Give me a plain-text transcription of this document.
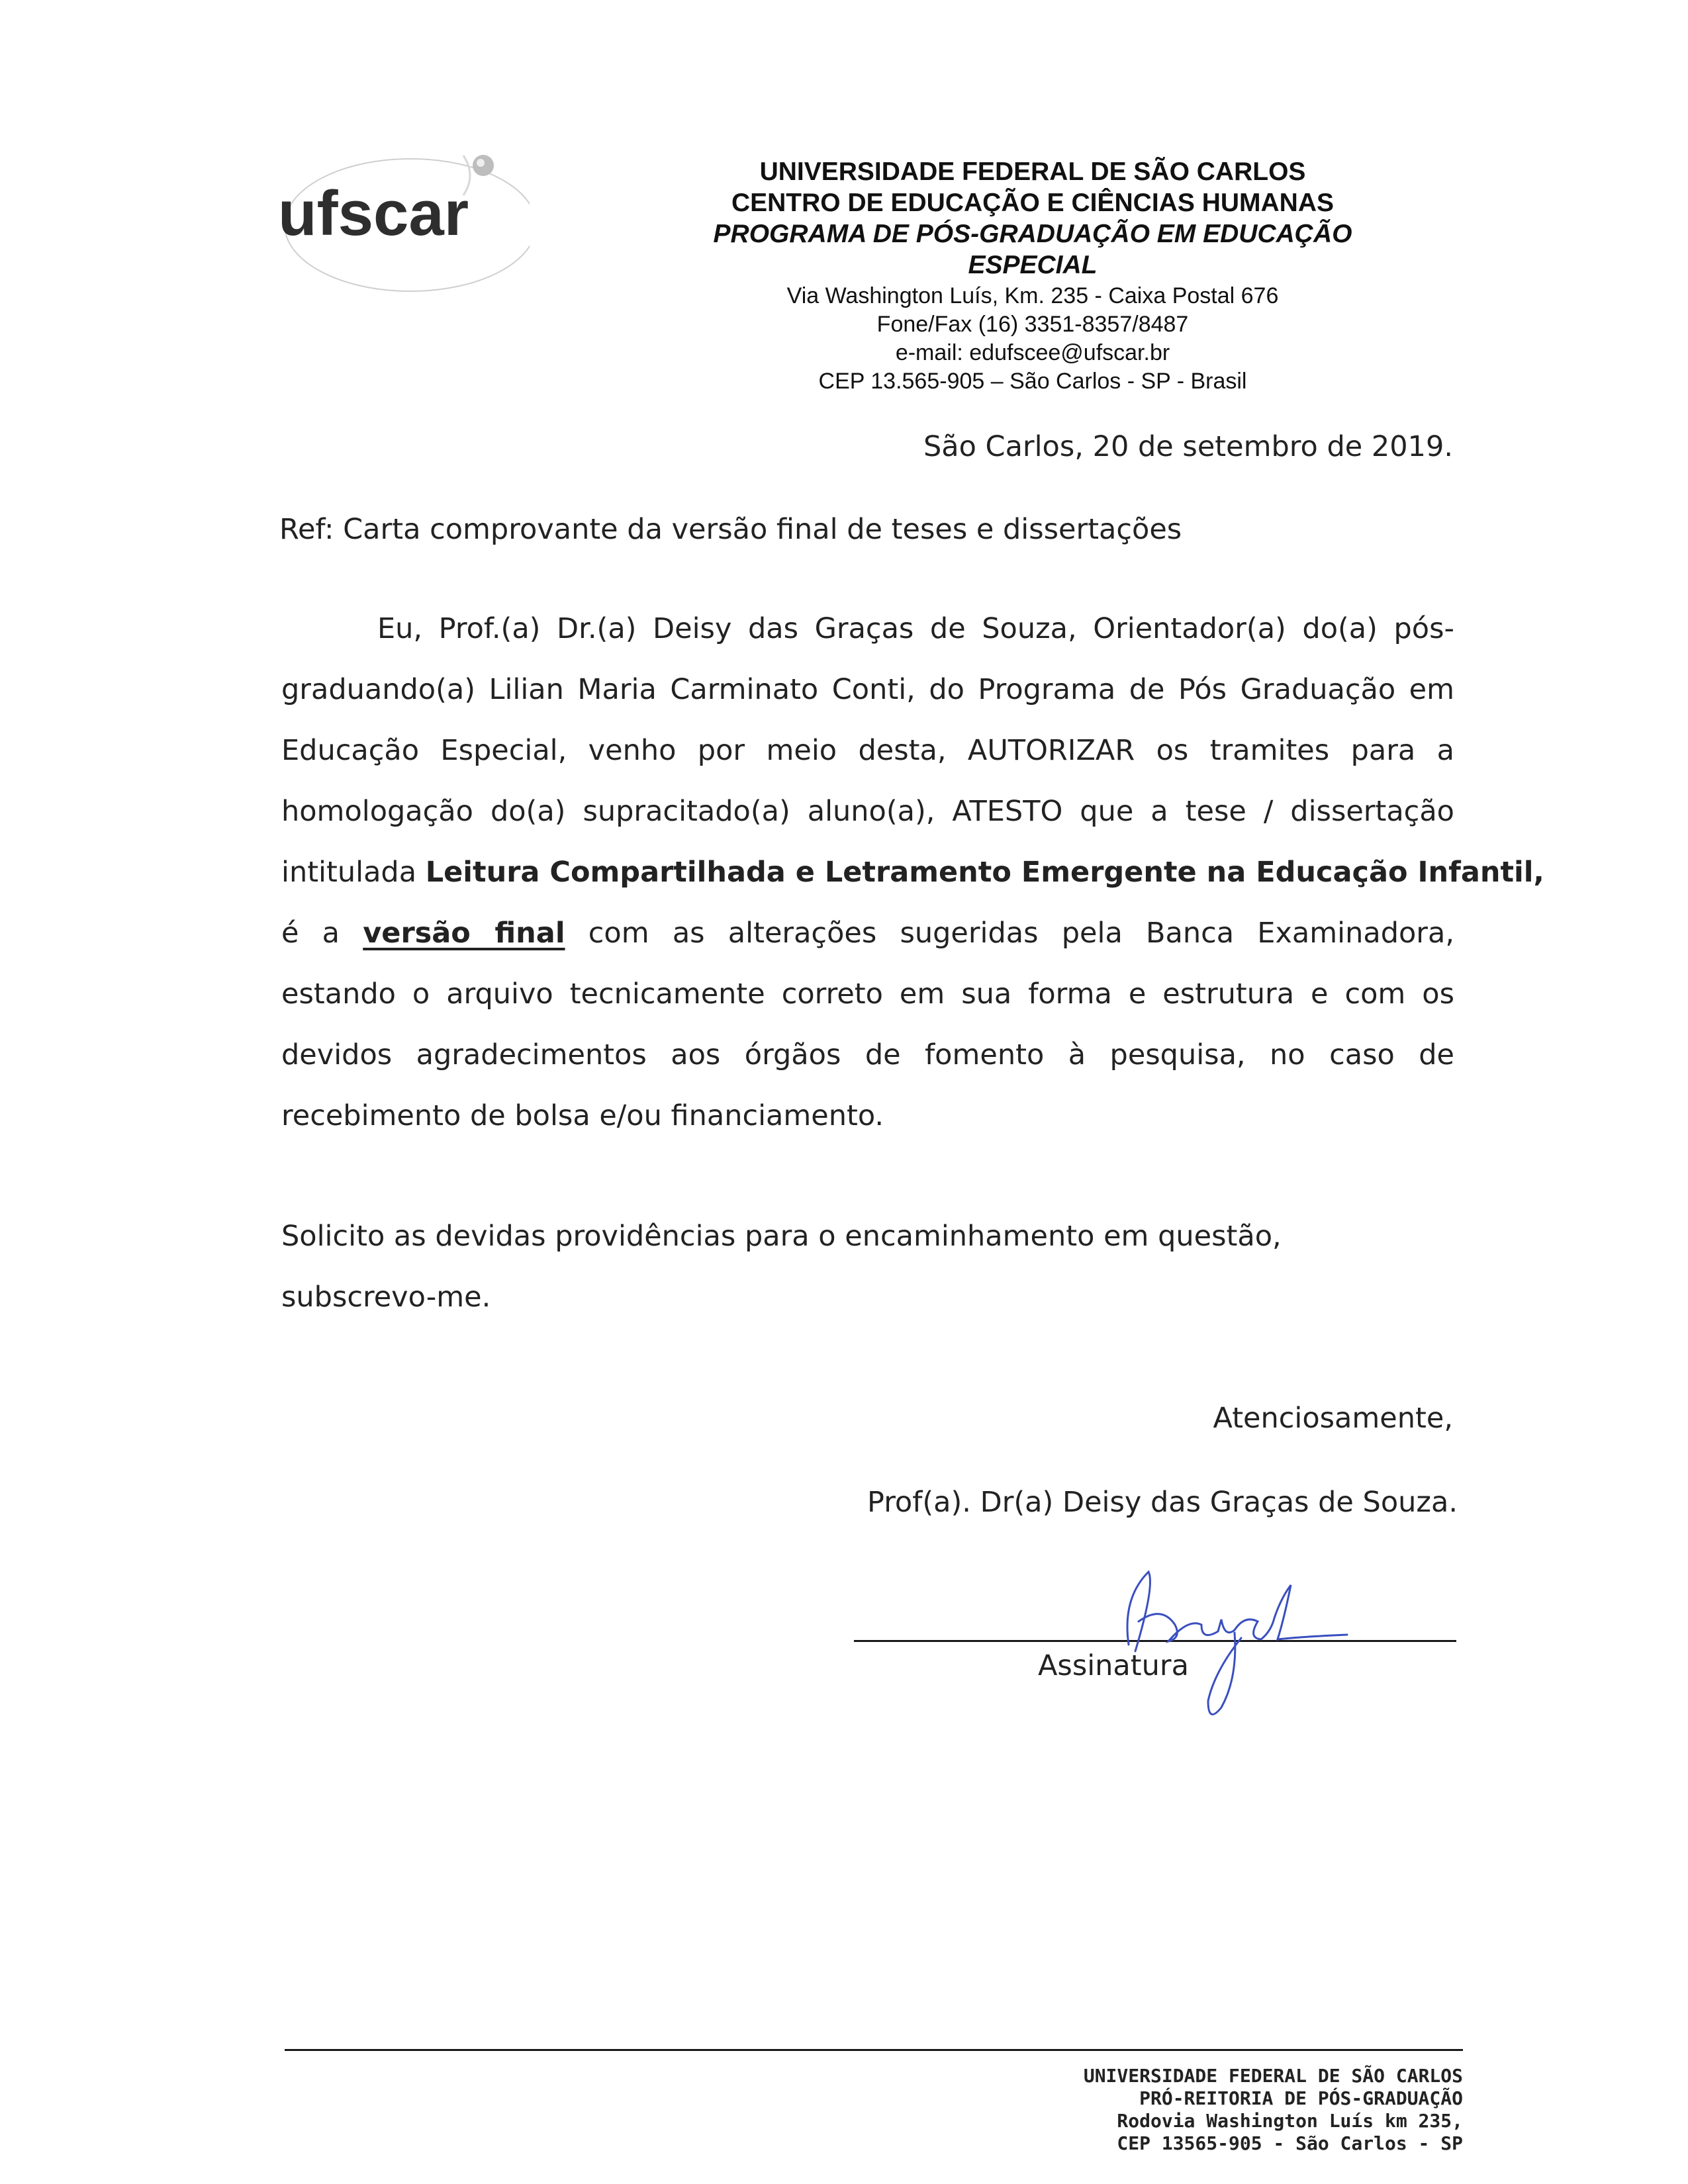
ufscar
UNIVERSIDADE FEDERAL DE SÃO CARLOS
CENTRO DE EDUCAÇÃO E CIÊNCIAS HUMANAS
PROGRAMA DE PÓS-GRADUAÇÃO EM EDUCAÇÃO
ESPECIAL
Via Washington Luís, Km. 235 - Caixa Postal 676
Fone/Fax (16) 3351-8357/8487
e-mail: edufscee@ufscar.br
CEP 13.565-905 – São Carlos - SP - Brasil
São Carlos, 20 de setembro de 2019.
Ref: Carta comprovante da versão final de teses e dissertações
Eu, Prof.(a) Dr.(a) Deisy das Graças de Souza, Orientador(a) do(a) pós-
graduando(a) Lilian Maria Carminato Conti, do Programa de Pós Graduação em
Educação Especial, venho por meio desta, AUTORIZAR os tramites para a
homologação do(a) supracitado(a) aluno(a), ATESTO que a tese / dissertação
intitulada Leitura Compartilhada e Letramento Emergente na Educação Infantil,
é a versão final com as alterações sugeridas pela Banca Examinadora,
estando o arquivo tecnicamente correto em sua forma e estrutura e com os
devidos agradecimentos aos órgãos de fomento à pesquisa, no caso de
recebimento de bolsa e/ou financiamento.
Solicito as devidas providências para o encaminhamento em questão,
subscrevo-me.
Atenciosamente,
Prof(a). Dr(a) Deisy das Graças de Souza.
Assinatura
UNIVERSIDADE FEDERAL DE SÃO CARLOS
PRÓ-REITORIA DE PÓS-GRADUAÇÃO
Rodovia Washington Luís km 235,
CEP 13565-905 - São Carlos - SP
